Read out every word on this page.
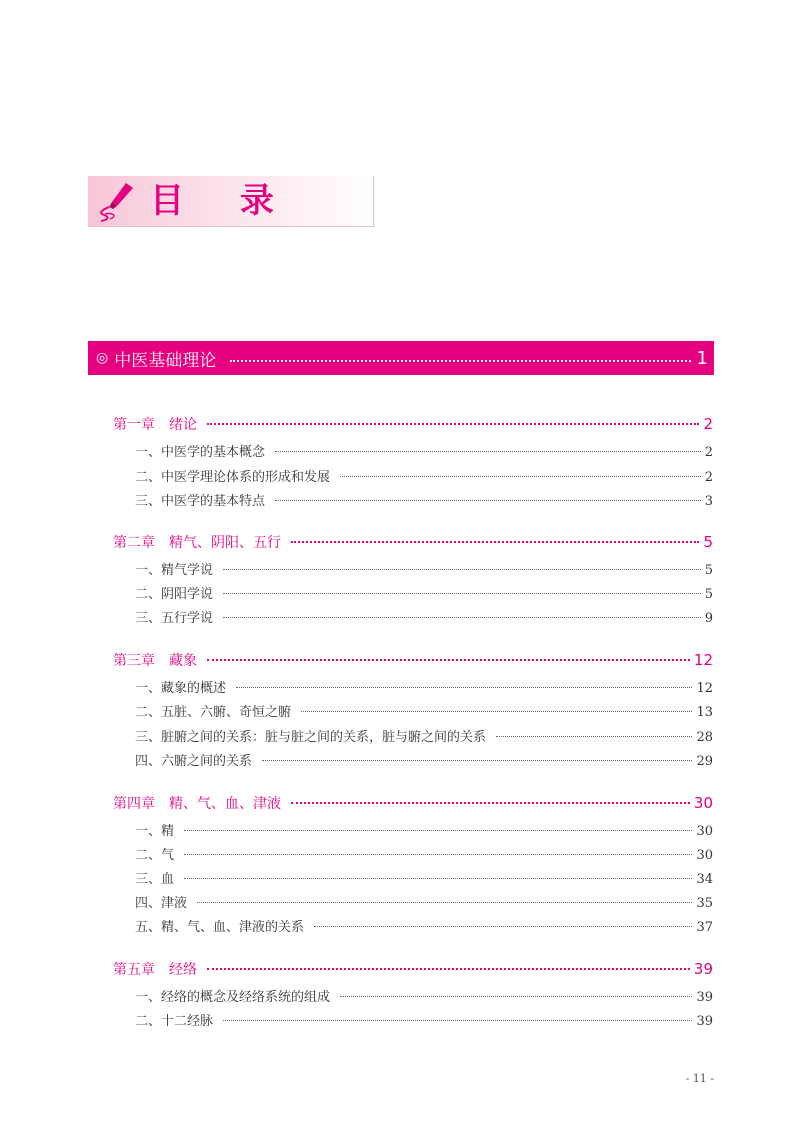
目 录
◎ 中医基础理论	1
第一章 绪论	2
一、中医学的基本概念	2
二、中医学理论体系的形成和发展	2
三、中医学的基本特点	3
第二章 精气、阴阳、五行	5
一、精气学说	5
二、阴阳学说	5
三、五行学说	9
第三章 藏象	12
一、藏象的概述	12
二、五脏、六腑、奇恒之腑	13
三、脏腑之间的关系：脏与脏之间的关系，脏与腑之间的关系	28
四、六腑之间的关系	29
第四章 精、气、血、津液	30
一、精	30
二、气	30
三、血	34
四、津液	35
五、精、气、血、津液的关系	37
第五章 经络	39
一、经络的概念及经络系统的组成	39
二、十二经脉	39
- 11 -
